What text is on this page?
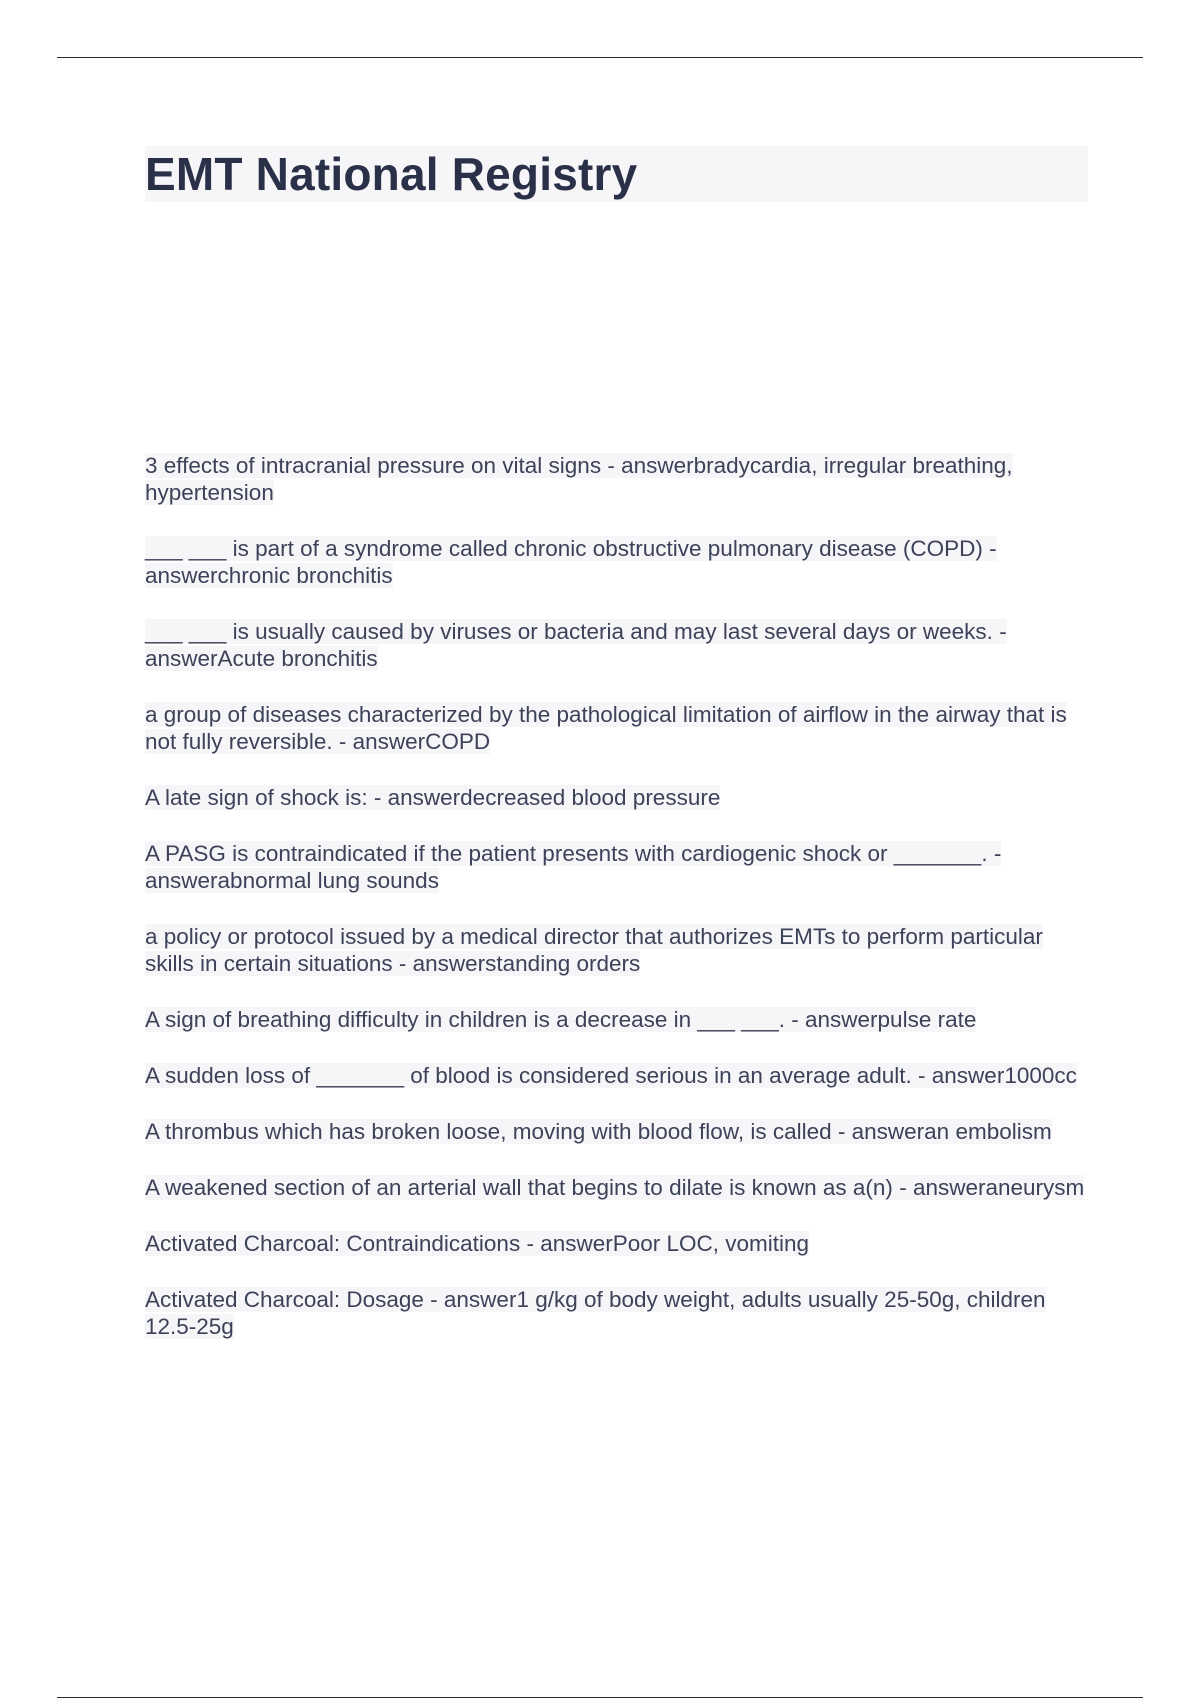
EMT National Registry
3 effects of intracranial pressure on vital signs - answerbradycardia, irregular breathing, hypertension
___ ___ is part of a syndrome called chronic obstructive pulmonary disease (COPD) - answerchronic bronchitis
___ ___ is usually caused by viruses or bacteria and may last several days or weeks. - answerAcute bronchitis
a group of diseases characterized by the pathological limitation of airflow in the airway that is not fully reversible. - answerCOPD
A late sign of shock is: - answerdecreased blood pressure
A PASG is contraindicated if the patient presents with cardiogenic shock or _______. - answerabnormal lung sounds
a policy or protocol issued by a medical director that authorizes EMTs to perform particular skills in certain situations - answerstanding orders
A sign of breathing difficulty in children is a decrease in ___ ___. - answerpulse rate
A sudden loss of _______ of blood is considered serious in an average adult. - answer1000cc
A thrombus which has broken loose, moving with blood flow, is called - answeran embolism
A weakened section of an arterial wall that begins to dilate is known as a(n) - answeraneurysm
Activated Charcoal: Contraindications - answerPoor LOC, vomiting
Activated Charcoal: Dosage - answer1 g/kg of body weight, adults usually 25-50g, children 12.5-25g
